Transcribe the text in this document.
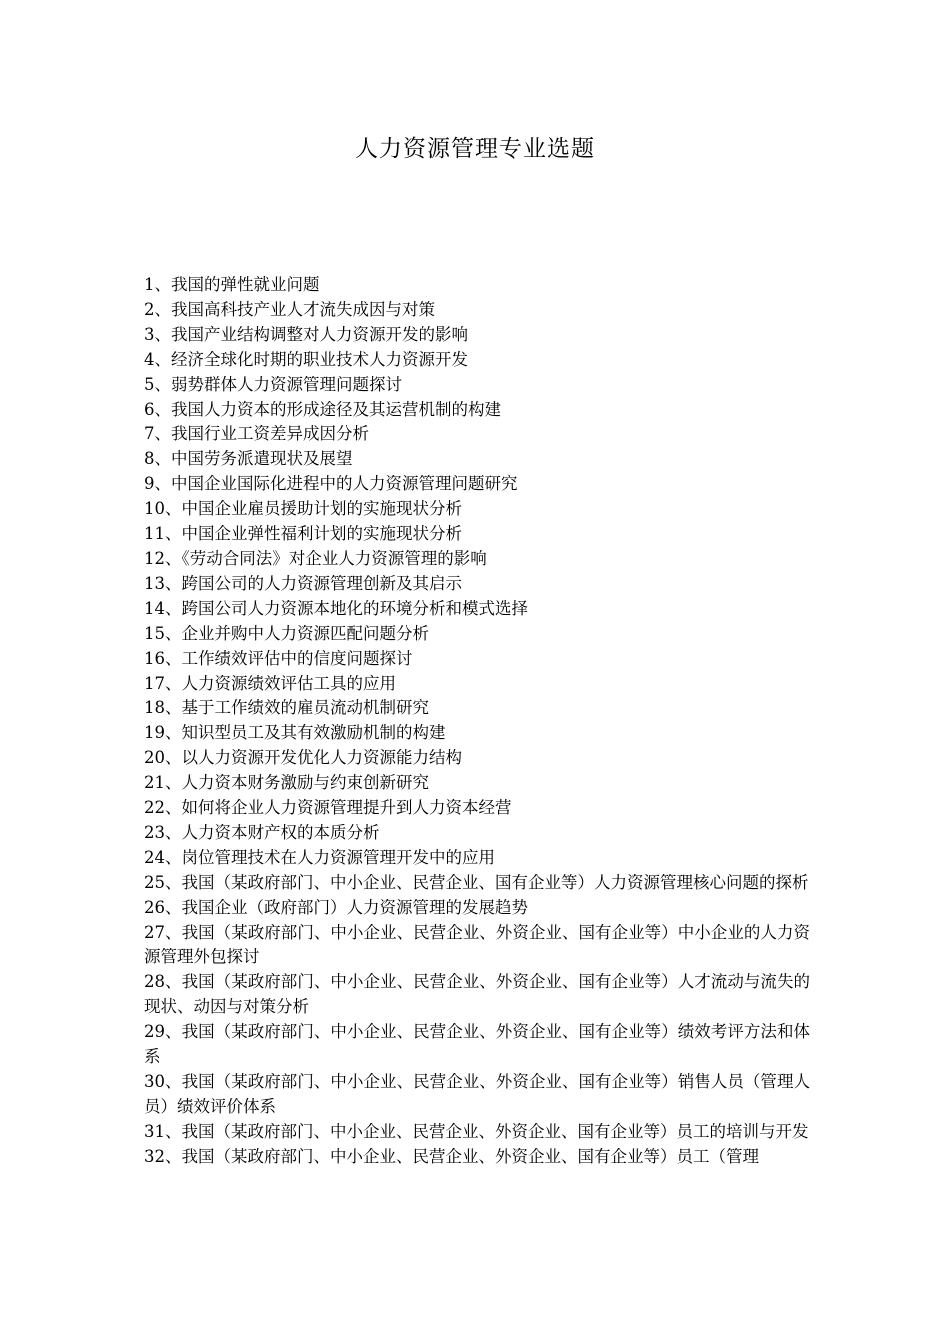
人力资源管理专业选题
1、我国的弹性就业问题
2、我国高科技产业人才流失成因与对策
3、我国产业结构调整对人力资源开发的影响
4、经济全球化时期的职业技术人力资源开发
5、弱势群体人力资源管理问题探讨
6、我国人力资本的形成途径及其运营机制的构建
7、我国行业工资差异成因分析
8、中国劳务派遣现状及展望
9、中国企业国际化进程中的人力资源管理问题研究
10、中国企业雇员援助计划的实施现状分析
11、中国企业弹性福利计划的实施现状分析
12、《劳动合同法》对企业人力资源管理的影响
13、跨国公司的人力资源管理创新及其启示
14、跨国公司人力资源本地化的环境分析和模式选择
15、企业并购中人力资源匹配问题分析
16、工作绩效评估中的信度问题探讨
17、人力资源绩效评估工具的应用
18、基于工作绩效的雇员流动机制研究
19、知识型员工及其有效激励机制的构建
20、以人力资源开发优化人力资源能力结构
21、人力资本财务激励与约束创新研究
22、如何将企业人力资源管理提升到人力资本经营
23、人力资本财产权的本质分析
24、岗位管理技术在人力资源管理开发中的应用
25、我国（某政府部门、中小企业、民营企业、国有企业等）人力资源管理核心问题的探析
26、我国企业（政府部门）人力资源管理的发展趋势
27、我国（某政府部门、中小企业、民营企业、外资企业、国有企业等）中小企业的人力资源管理外包探讨
28、我国（某政府部门、中小企业、民营企业、外资企业、国有企业等）人才流动与流失的现状、动因与对策分析
29、我国（某政府部门、中小企业、民营企业、外资企业、国有企业等）绩效考评方法和体系
30、我国（某政府部门、中小企业、民营企业、外资企业、国有企业等）销售人员（管理人员）绩效评价体系
31、我国（某政府部门、中小企业、民营企业、外资企业、国有企业等）员工的培训与开发
32、我国（某政府部门、中小企业、民营企业、外资企业、国有企业等）员工（管理
